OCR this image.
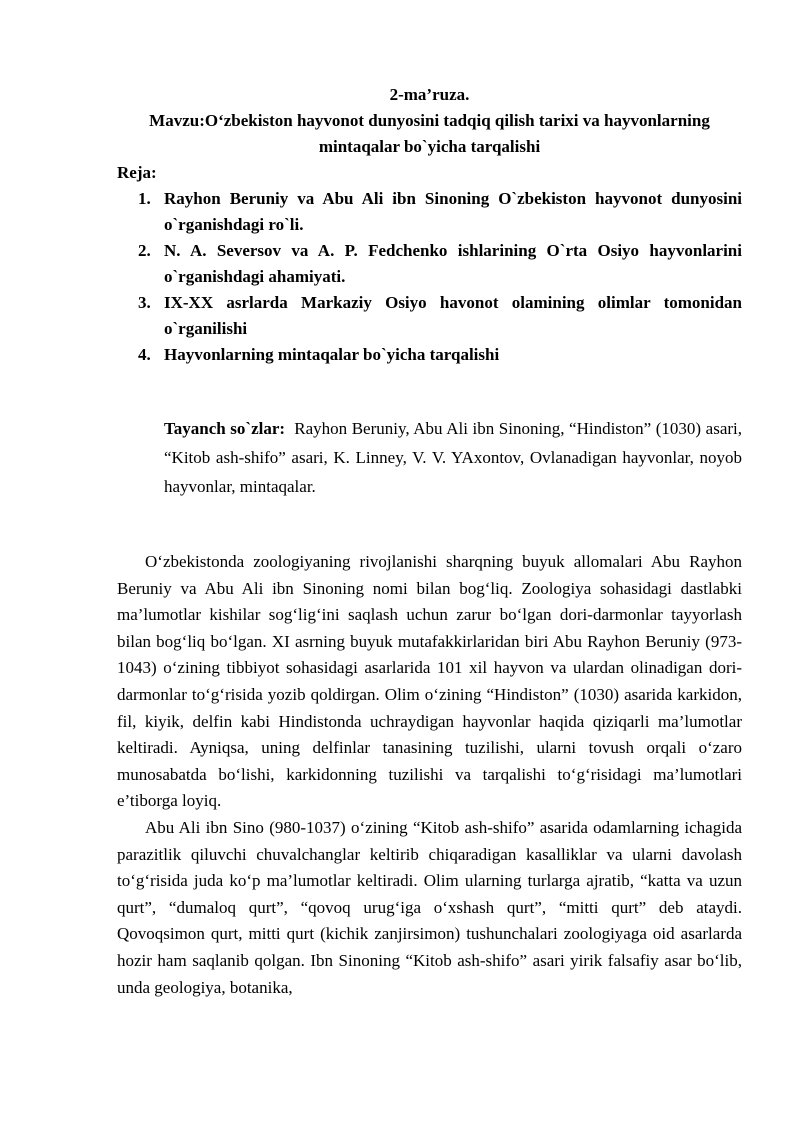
2-ma’ruza.

Mavzu:O‘zbekiston hayvonot dunyosini tadqiq qilish tarixi va hayvonlarning mintaqalar bo`yicha tarqalishi

Reja:

1. Rayhon Beruniy va Abu Ali ibn Sinoning O`zbekiston hayvonot dunyosini o`rganishdagi ro`li.
2. N. A. Seversov va A. P. Fedchenko ishlarining O`rta Osiyo hayvonlarini o`rganishdagi ahamiyati.
3. IX-XX asrlarda Markaziy Osiyo havonot olamining olimlar tomonidan o`rganilishi
4. Hayvonlarning mintaqalar bo`yicha tarqalishi

Tayanch so`zlar: Rayhon Beruniy, Abu Ali ibn Sinoning, “Hindiston” (1030) asari, “Kitob ash-shifo” asari, K. Linney, V. V. YAxontov, Ovlanadigan hayvonlar, noyob hayvonlar, mintaqalar.

O‘zbekistonda zoologiyaning rivojlanishi sharqning buyuk allomalari Abu Rayhon Beruniy va Abu Ali ibn Sinoning nomi bilan bog‘liq. Zoologiya sohasidagi dastlabki ma’lumotlar kishilar sog‘lig‘ini saqlash uchun zarur bo‘lgan dori-darmonlar tayyorlash bilan bog‘liq bo‘lgan. XI asrning buyuk mutafakkirlaridan biri Abu Rayhon Beruniy (973-1043) o‘zining tibbiyot sohasidagi asarlarida 101 xil hayvon va ulardan olinadigan dori-darmonlar to‘g‘risida yozib qoldirgan. Olim o‘zining “Hindiston” (1030) asarida karkidon, fil, kiyik, delfin kabi Hindistonda uchraydigan hayvonlar haqida qiziqarli ma’lumotlar keltiradi. Ayniqsa, uning delfinlar tanasining tuzilishi, ularni tovush orqali o‘zaro munosabatda bo‘lishi, karkidonning tuzilishi va tarqalishi to‘g‘risidagi ma’lumotlari e’tiborga loyiq.

Abu Ali ibn Sino (980-1037) o‘zining “Kitob ash-shifo” asarida odamlarning ichagida parazitlik qiluvchi chuvalchanglar keltirib chiqaradigan kasalliklar va ularni davolash to‘g‘risida juda ko‘p ma’lumotlar keltiradi. Olim ularning turlarga ajratib, “katta va uzun qurt”, “dumaloq qurt”, “qovoq urug‘iga o‘xshash qurt”, “mitti qurt” deb ataydi. Qovoqsimon qurt, mitti qurt (kichik zanjirsimon) tushunchalari zoologiyaga oid asarlarda hozir ham saqlanib qolgan. Ibn Sinoning “Kitob ash-shifo” asari yirik falsafiy asar bo‘lib, unda geologiya, botanika,
